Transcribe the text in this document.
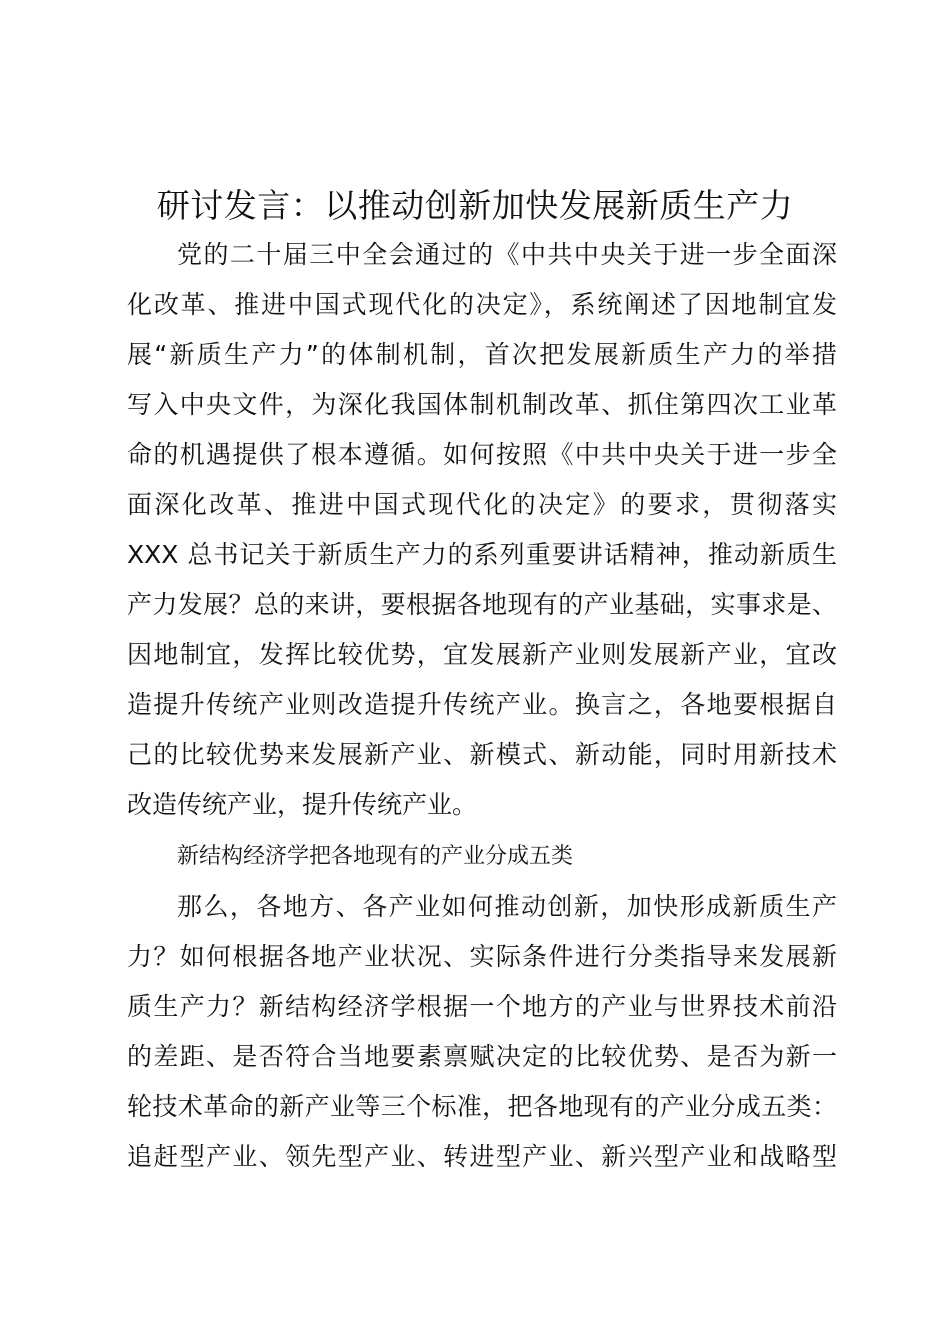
研讨发言：以推动创新加快发展新质生产力
党的二十届三中全会通过的《中共中央关于进一步全面深
化改革、推进中国式现代化的决定》，系统阐述了因地制宜发
展“新质生产力”的体制机制，首次把发展新质生产力的举措
写入中央文件，为深化我国体制机制改革、抓住第四次工业革
命的机遇提供了根本遵循。如何按照《中共中央关于进一步全
面深化改革、推进中国式现代化的决定》的要求，贯彻落实
XXX 总书记关于新质生产力的系列重要讲话精神，推动新质生
产力发展？总的来讲，要根据各地现有的产业基础，实事求是、
因地制宜，发挥比较优势，宜发展新产业则发展新产业，宜改
造提升传统产业则改造提升传统产业。换言之，各地要根据自
己的比较优势来发展新产业、新模式、新动能，同时用新技术
改造传统产业，提升传统产业。
新结构经济学把各地现有的产业分成五类
那么，各地方、各产业如何推动创新，加快形成新质生产
力？如何根据各地产业状况、实际条件进行分类指导来发展新
质生产力？新结构经济学根据一个地方的产业与世界技术前沿
的差距、是否符合当地要素禀赋决定的比较优势、是否为新一
轮技术革命的新产业等三个标准，把各地现有的产业分成五类：
追赶型产业、领先型产业、转进型产业、新兴型产业和战略型
